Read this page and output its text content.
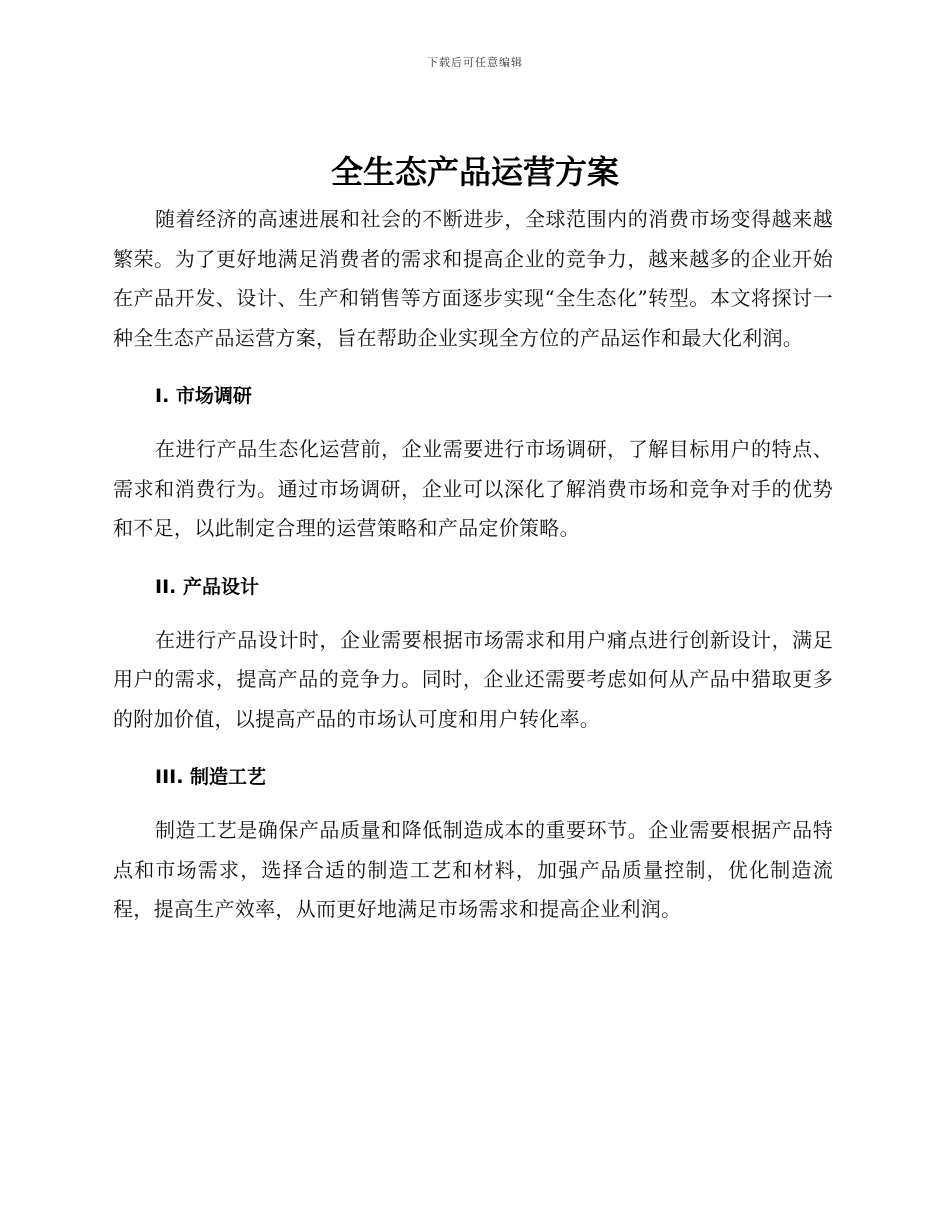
下载后可任意编辑
全生态产品运营方案

随着经济的高速进展和社会的不断进步，全球范围内的消费市场变得越来越繁荣。为了更好地满足消费者的需求和提高企业的竞争力，越来越多的企业开始在产品开发、设计、生产和销售等方面逐步实现“全生态化”转型。本文将探讨一种全生态产品运营方案，旨在帮助企业实现全方位的产品运作和最大化利润。

I. 市场调研

在进行产品生态化运营前，企业需要进行市场调研，了解目标用户的特点、需求和消费行为。通过市场调研，企业可以深化了解消费市场和竞争对手的优势和不足，以此制定合理的运营策略和产品定价策略。

II. 产品设计

在进行产品设计时，企业需要根据市场需求和用户痛点进行创新设计，满足用户的需求，提高产品的竞争力。同时，企业还需要考虑如何从产品中猎取更多的附加价值，以提高产品的市场认可度和用户转化率。

III. 制造工艺

制造工艺是确保产品质量和降低制造成本的重要环节。企业需要根据产品特点和市场需求，选择合适的制造工艺和材料，加强产品质量控制，优化制造流程，提高生产效率，从而更好地满足市场需求和提高企业利润。
